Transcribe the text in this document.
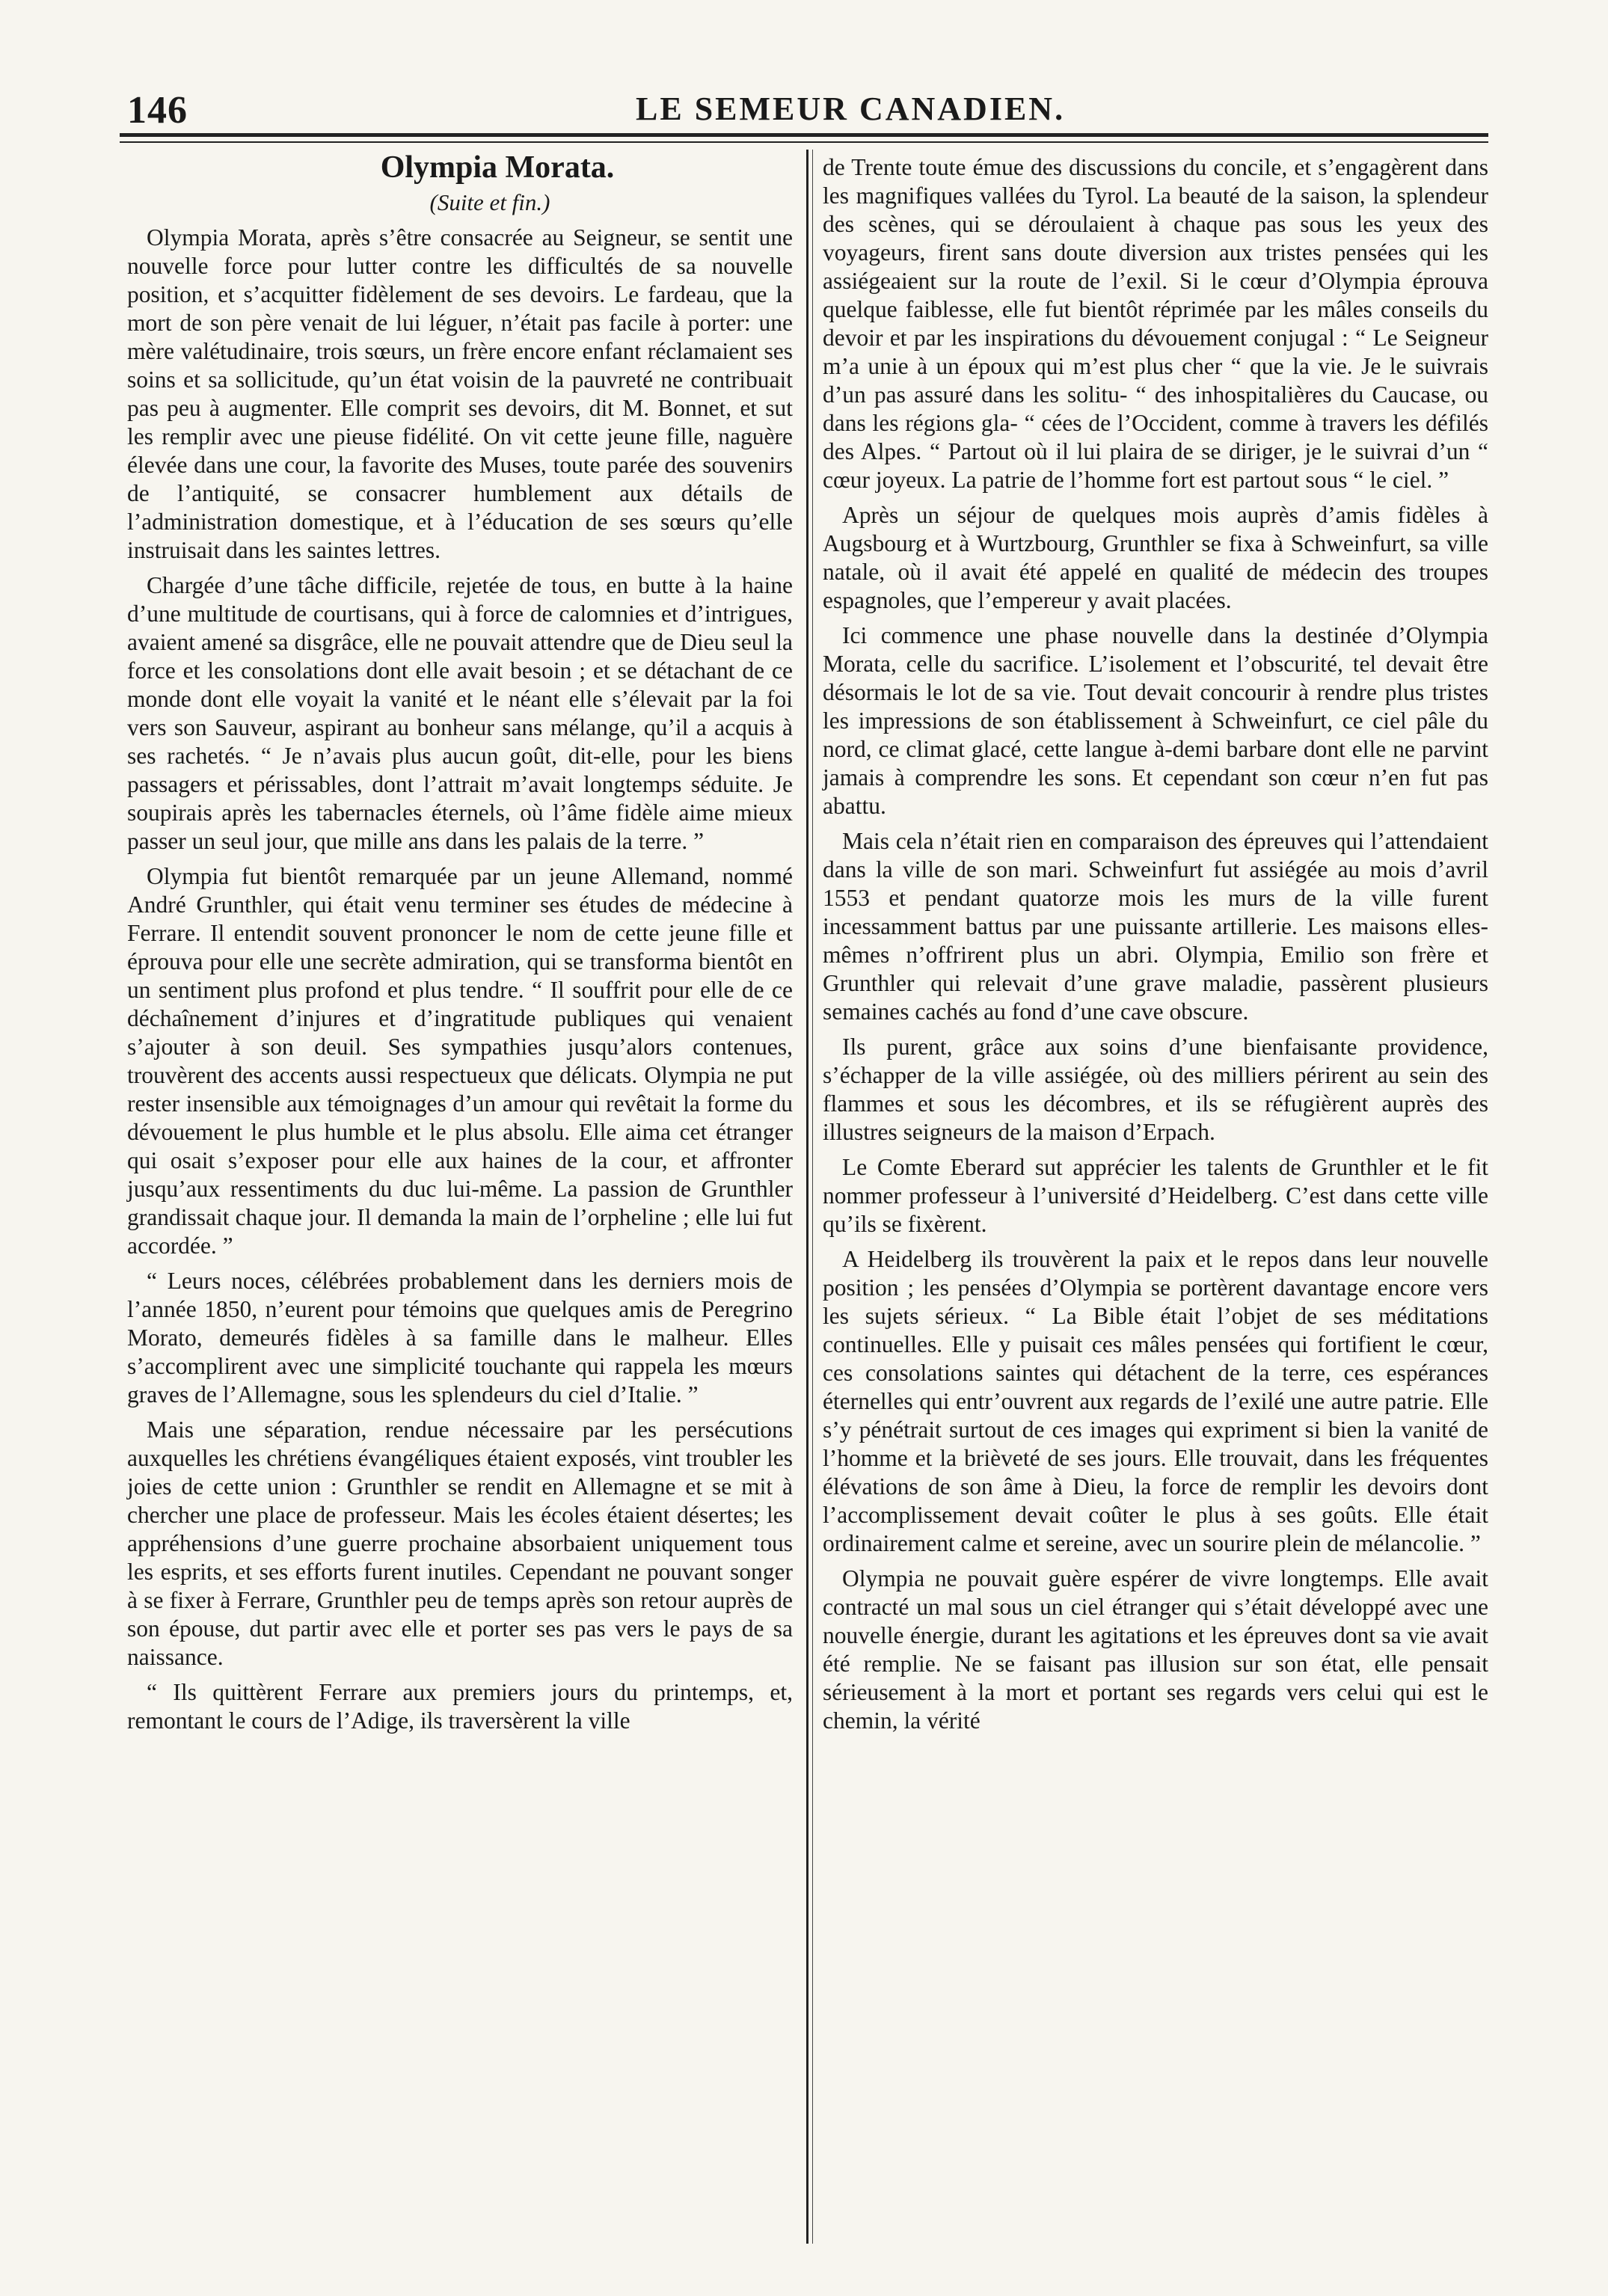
146	LE SEMEUR CANADIEN.

Olympia Morata.

(Suite et fin.)

Olympia Morata, après s’être consacrée au Seigneur, se sentit une nouvelle force pour lutter contre les difficultés de sa nouvelle position, et s’acquitter fidèlement de ses devoirs. Le fardeau, que la mort de son père venait de lui léguer, n’était pas facile à porter: une mère valétudinaire, trois sœurs, un frère encore enfant réclamaient ses soins et sa sollicitude, qu’un état voisin de la pauvreté ne contribuait pas peu à augmenter. Elle comprit ses devoirs, dit M. Bonnet, et sut les remplir avec une pieuse fidélité. On vit cette jeune fille, naguère élevée dans une cour, la favorite des Muses, toute parée des souvenirs de l’antiquité, se consacrer humblement aux détails de l’administration domestique, et à l’éducation de ses sœurs qu’elle instruisait dans les saintes lettres.

Chargée d’une tâche difficile, rejetée de tous, en butte à la haine d’une multitude de courtisans, qui à force de calomnies et d’intrigues, avaient amené sa disgrâce, elle ne pouvait attendre que de Dieu seul la force et les consolations dont elle avait besoin ; et se détachant de ce monde dont elle voyait la vanité et le néant elle s’élevait par la foi vers son Sauveur, aspirant au bonheur sans mélange, qu’il a acquis à ses rachetés. “ Je n’avais plus aucun goût, dit-elle, pour les biens passagers et périssables, dont l’attrait m’avait longtemps séduite. Je soupirais après les tabernacles éternels, où l’âme fidèle aime mieux passer un seul jour, que mille ans dans les palais de la terre. ”

Olympia fut bientôt remarquée par un jeune Allemand, nommé André Grunthler, qui était venu terminer ses études de médecine à Ferrare. Il entendit souvent prononcer le nom de cette jeune fille et éprouva pour elle une secrète admiration, qui se transforma bientôt en un sentiment plus profond et plus tendre. “ Il souffrit pour elle de ce déchaînement d’injures et d’ingratitude publiques qui venaient s’ajouter à son deuil. Ses sympathies jusqu’alors contenues, trouvèrent des accents aussi respectueux que délicats. Olympia ne put rester insensible aux témoignages d’un amour qui revêtait la forme du dévouement le plus humble et le plus absolu. Elle aima cet étranger qui osait s’exposer pour elle aux haines de la cour, et affronter jusqu’aux ressentiments du duc lui-même. La passion de Grunthler grandissait chaque jour. Il demanda la main de l’orpheline ; elle lui fut accordée. ”

“ Leurs noces, célébrées probablement dans les derniers mois de l’année 1850, n’eurent pour témoins que quelques amis de Peregrino Morato, demeurés fidèles à sa famille dans le malheur. Elles s’accomplirent avec une simplicité touchante qui rappela les mœurs graves de l’Allemagne, sous les splendeurs du ciel d’Italie. ”

Mais une séparation, rendue nécessaire par les persécutions auxquelles les chrétiens évangéliques étaient exposés, vint troubler les joies de cette union : Grunthler se rendit en Allemagne et se mit à chercher une place de professeur. Mais les écoles étaient désertes; les appréhensions d’une guerre prochaine absorbaient uniquement tous les esprits, et ses efforts furent inutiles. Cependant ne pouvant songer à se fixer à Ferrare, Grunthler peu de temps après son retour auprès de son épouse, dut partir avec elle et porter ses pas vers le pays de sa naissance.

“ Ils quittèrent Ferrare aux premiers jours du printemps, et, remontant le cours de l’Adige, ils traversèrent la ville

de Trente toute émue des discussions du concile, et s’engagèrent dans les magnifiques vallées du Tyrol. La beauté de la saison, la splendeur des scènes, qui se déroulaient à chaque pas sous les yeux des voyageurs, firent sans doute diversion aux tristes pensées qui les assiégeaient sur la route de l’exil. Si le cœur d’Olympia éprouva quelque faiblesse, elle fut bientôt réprimée par les mâles conseils du devoir et par les inspirations du dévouement conjugal : “ Le Seigneur m’a unie à un époux qui m’est plus cher “ que la vie. Je le suivrais d’un pas assuré dans les solitu- “ des inhospitalières du Caucase, ou dans les régions gla- “ cées de l’Occident, comme à travers les défilés des Alpes. “ Partout où il lui plaira de se diriger, je le suivrai d’un “ cœur joyeux. La patrie de l’homme fort est partout sous “ le ciel. ”

Après un séjour de quelques mois auprès d’amis fidèles à Augsbourg et à Wurtzbourg, Grunthler se fixa à Schweinfurt, sa ville natale, où il avait été appelé en qualité de médecin des troupes espagnoles, que l’empereur y avait placées.

Ici commence une phase nouvelle dans la destinée d’Olympia Morata, celle du sacrifice. L’isolement et l’obscurité, tel devait être désormais le lot de sa vie. Tout devait concourir à rendre plus tristes les impressions de son établissement à Schweinfurt, ce ciel pâle du nord, ce climat glacé, cette langue à-demi barbare dont elle ne parvint jamais à comprendre les sons. Et cependant son cœur n’en fut pas abattu.

Mais cela n’était rien en comparaison des épreuves qui l’attendaient dans la ville de son mari. Schweinfurt fut assiégée au mois d’avril 1553 et pendant quatorze mois les murs de la ville furent incessamment battus par une puissante artillerie. Les maisons elles-mêmes n’offrirent plus un abri. Olympia, Emilio son frère et Grunthler qui relevait d’une grave maladie, passèrent plusieurs semaines cachés au fond d’une cave obscure.

Ils purent, grâce aux soins d’une bienfaisante providence, s’échapper de la ville assiégée, où des milliers périrent au sein des flammes et sous les décombres, et ils se réfugièrent auprès des illustres seigneurs de la maison d’Erpach.

Le Comte Eberard sut apprécier les talents de Grunthler et le fit nommer professeur à l’université d’Heidelberg. C’est dans cette ville qu’ils se fixèrent.

A Heidelberg ils trouvèrent la paix et le repos dans leur nouvelle position ; les pensées d’Olympia se portèrent davantage encore vers les sujets sérieux. “ La Bible était l’objet de ses méditations continuelles. Elle y puisait ces mâles pensées qui fortifient le cœur, ces consolations saintes qui détachent de la terre, ces espérances éternelles qui entr’ouvrent aux regards de l’exilé une autre patrie. Elle s’y pénétrait surtout de ces images qui expriment si bien la vanité de l’homme et la brièveté de ses jours. Elle trouvait, dans les fréquentes élévations de son âme à Dieu, la force de remplir les devoirs dont l’accomplissement devait coûter le plus à ses goûts. Elle était ordinairement calme et sereine, avec un sourire plein de mélancolie. ”

Olympia ne pouvait guère espérer de vivre longtemps. Elle avait contracté un mal sous un ciel étranger qui s’était développé avec une nouvelle énergie, durant les agitations et les épreuves dont sa vie avait été remplie. Ne se faisant pas illusion sur son état, elle pensait sérieusement à la mort et portant ses regards vers celui qui est le chemin, la vérité
